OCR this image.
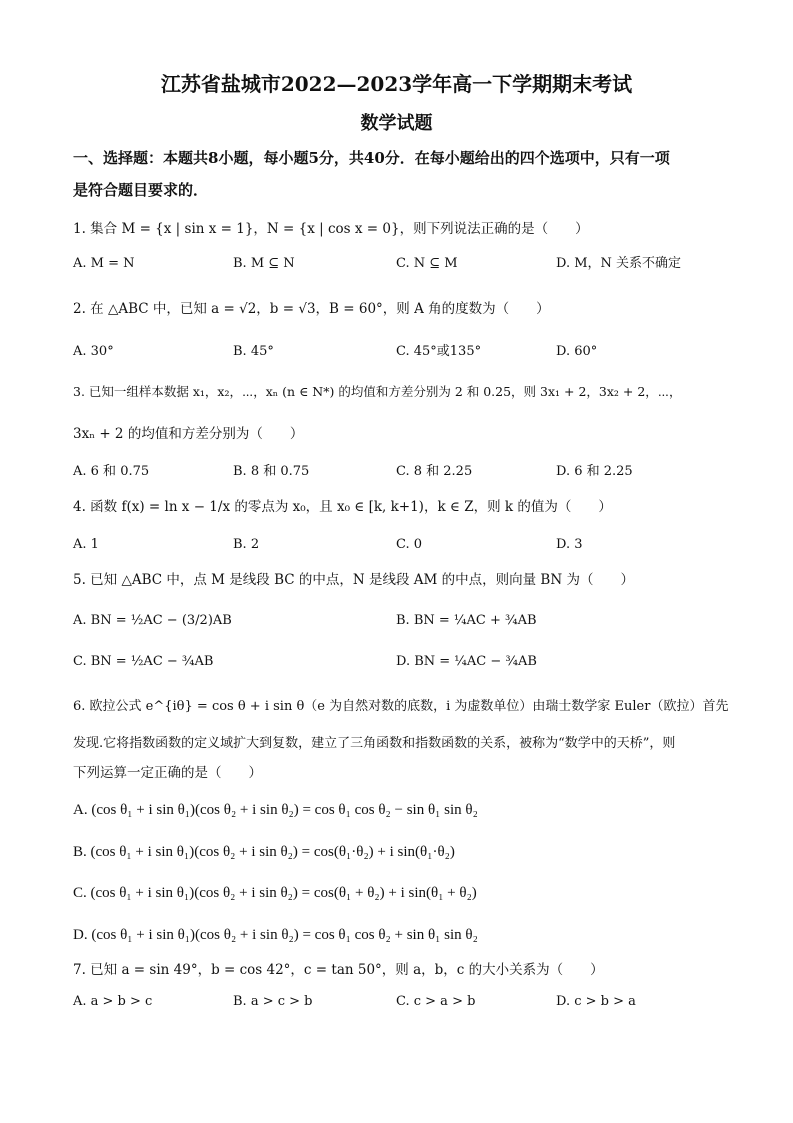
江苏省盐城市2022—2023学年高一下学期期末考试
数学试题
一、选择题：本题共8小题，每小题5分，共40分．在每小题给出的四个选项中，只有一项
是符合题目要求的．
1. 集合 M = {x | sin x = 1}，N = {x | cos x = 0}，则下列说法正确的是（　　）
A. M = N	B. M ⊆ N	C. N ⊆ M	D. M，N 关系不确定
2. 在 △ABC 中，已知 a = √2，b = √3，B = 60°，则 A 角的度数为（　　）
A. 30°	B. 45°	C. 45°或135°	D. 60°
3. 已知一组样本数据 x₁，x₂，⋯，xₙ (n ∈ N*) 的均值和方差分别为 2 和 0.25，则 3x₁ + 2，3x₂ + 2，⋯，
3xₙ + 2 的均值和方差分别为（　　）
A. 6 和 0.75	B. 8 和 0.75	C. 8 和 2.25	D. 6 和 2.25
4. 函数 f(x) = ln x − 1/x 的零点为 x₀，且 x₀ ∈ [k, k+1)，k ∈ Z，则 k 的值为（　　）
A. 1	B. 2	C. 0	D. 3
5. 已知 △ABC 中，点 M 是线段 BC 的中点，N 是线段 AM 的中点，则向量 BN 为（　　）
A. BN = ½AC − (3/2)AB	B. BN = ¼AC + ¾AB
C. BN = ½AC − ¾AB	D. BN = ¼AC − ¾AB
6. 欧拉公式 e^{iθ} = cos θ + i sin θ（e 为自然对数的底数，i 为虚数单位）由瑞士数学家 Euler（欧拉）首先
发现.它将指数函数的定义域扩大到复数，建立了三角函数和指数函数的关系，被称为“数学中的天桥”，则
下列运算一定正确的是（　　）
A. (cos θ₁ + i sin θ₁)(cos θ₂ + i sin θ₂) = cos θ₁ cos θ₂ − sin θ₁ sin θ₂
B. (cos θ₁ + i sin θ₁)(cos θ₂ + i sin θ₂) = cos(θ₁·θ₂) + i sin(θ₁·θ₂)
C. (cos θ₁ + i sin θ₁)(cos θ₂ + i sin θ₂) = cos(θ₁ + θ₂) + i sin(θ₁ + θ₂)
D. (cos θ₁ + i sin θ₁)(cos θ₂ + i sin θ₂) = cos θ₁ cos θ₂ + sin θ₁ sin θ₂
7. 已知 a = sin 49°，b = cos 42°，c = tan 50°，则 a，b，c 的大小关系为（　　）
A. a > b > c	B. a > c > b	C. c > a > b	D. c > b > a
